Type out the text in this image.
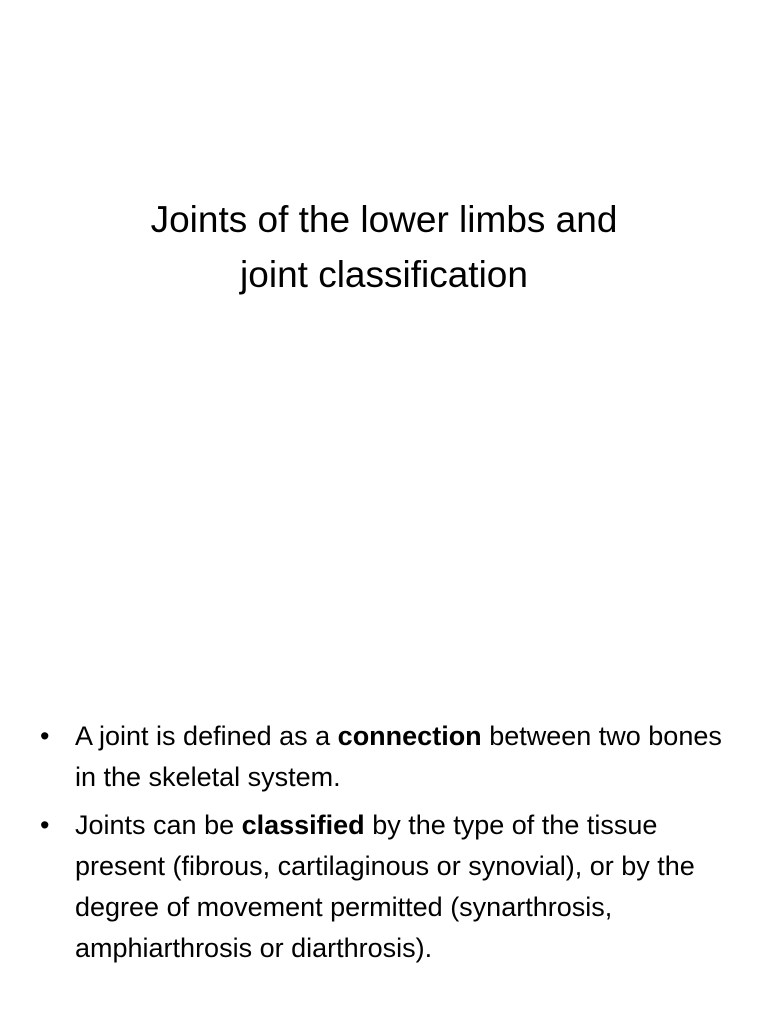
Joints of the lower limbs and
joint classification
• A joint is defined as a connection between two bones in the skeletal system.
• Joints can be classified by the type of the tissue present (fibrous, cartilaginous or synovial), or by the degree of movement permitted (synarthrosis, amphiarthrosis or diarthrosis).
